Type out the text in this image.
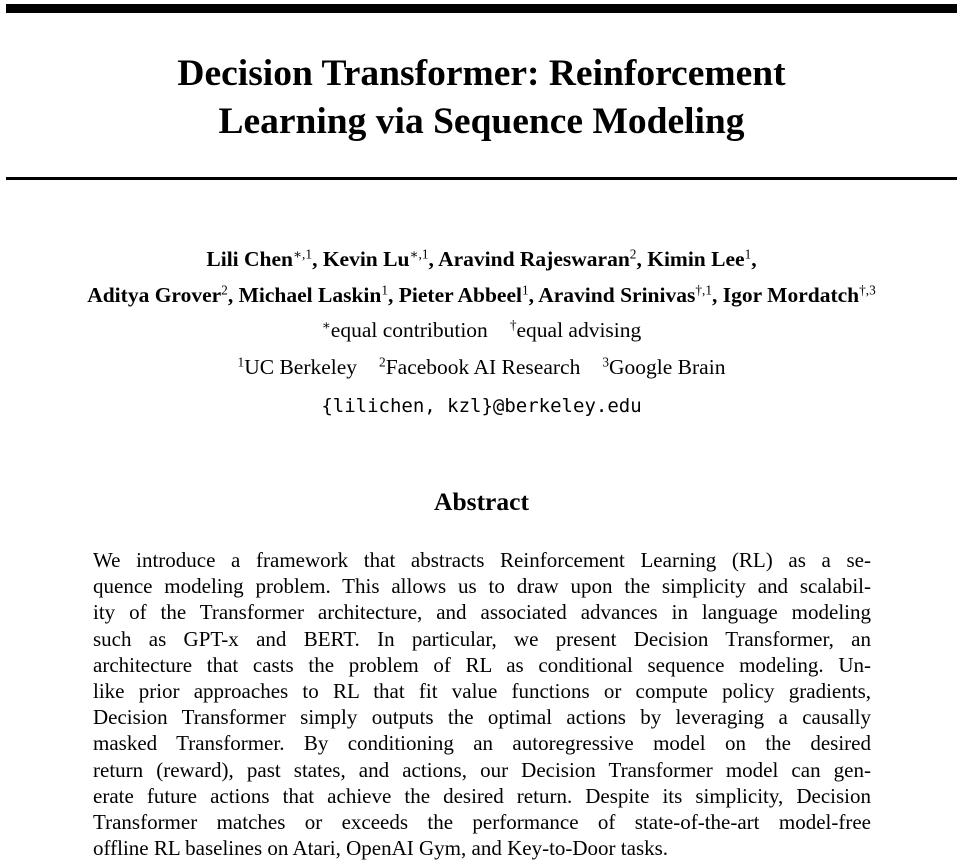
Decision Transformer: Reinforcement
Learning via Sequence Modeling
Lili Chen$^{∗,1}$, Kevin $Lu^{∗,1}$, Aravind Rajeswaran$^2$, Kimin Lee$^1$,
Aditya Grover$^2$, Michael Laskin$^1$, Pieter Abbeel$^1$, Aravind Srinivas$^{\dagger,1}$, Igor Mordatch$^{\dagger,3}$
∗equal contribution †equal advising
$^1$UC Berkeley $^2$Facebook AI Research $^3$Google Brain
{lilichen, kzl}@berkeley.edu
Abstract
We introduce a framework that abstracts Reinforcement Learning (RL) as a se-
quence modeling problem. This allows us to draw upon the simplicity and scalabil-
ity of the Transformer architecture, and associated advances in language modeling
such as GPT-x and BERT. In particular, we present Decision Transformer, an
architecture that casts the problem of RL as conditional sequence modeling. Un-
like prior approaches to RL that fit value functions or compute policy gradients,
Decision Transformer simply outputs the optimal actions by leveraging a causally
masked Transformer. By conditioning an autoregressive model on the desired
return (reward), past states, and actions, our Decision Transformer model can gen-
erate future actions that achieve the desired return. Despite its simplicity, Decision
Transformer matches or exceeds the performance of state-of-the-art model-free
offline RL baselines on Atari, OpenAI Gym, and Key-to-Door tasks.
